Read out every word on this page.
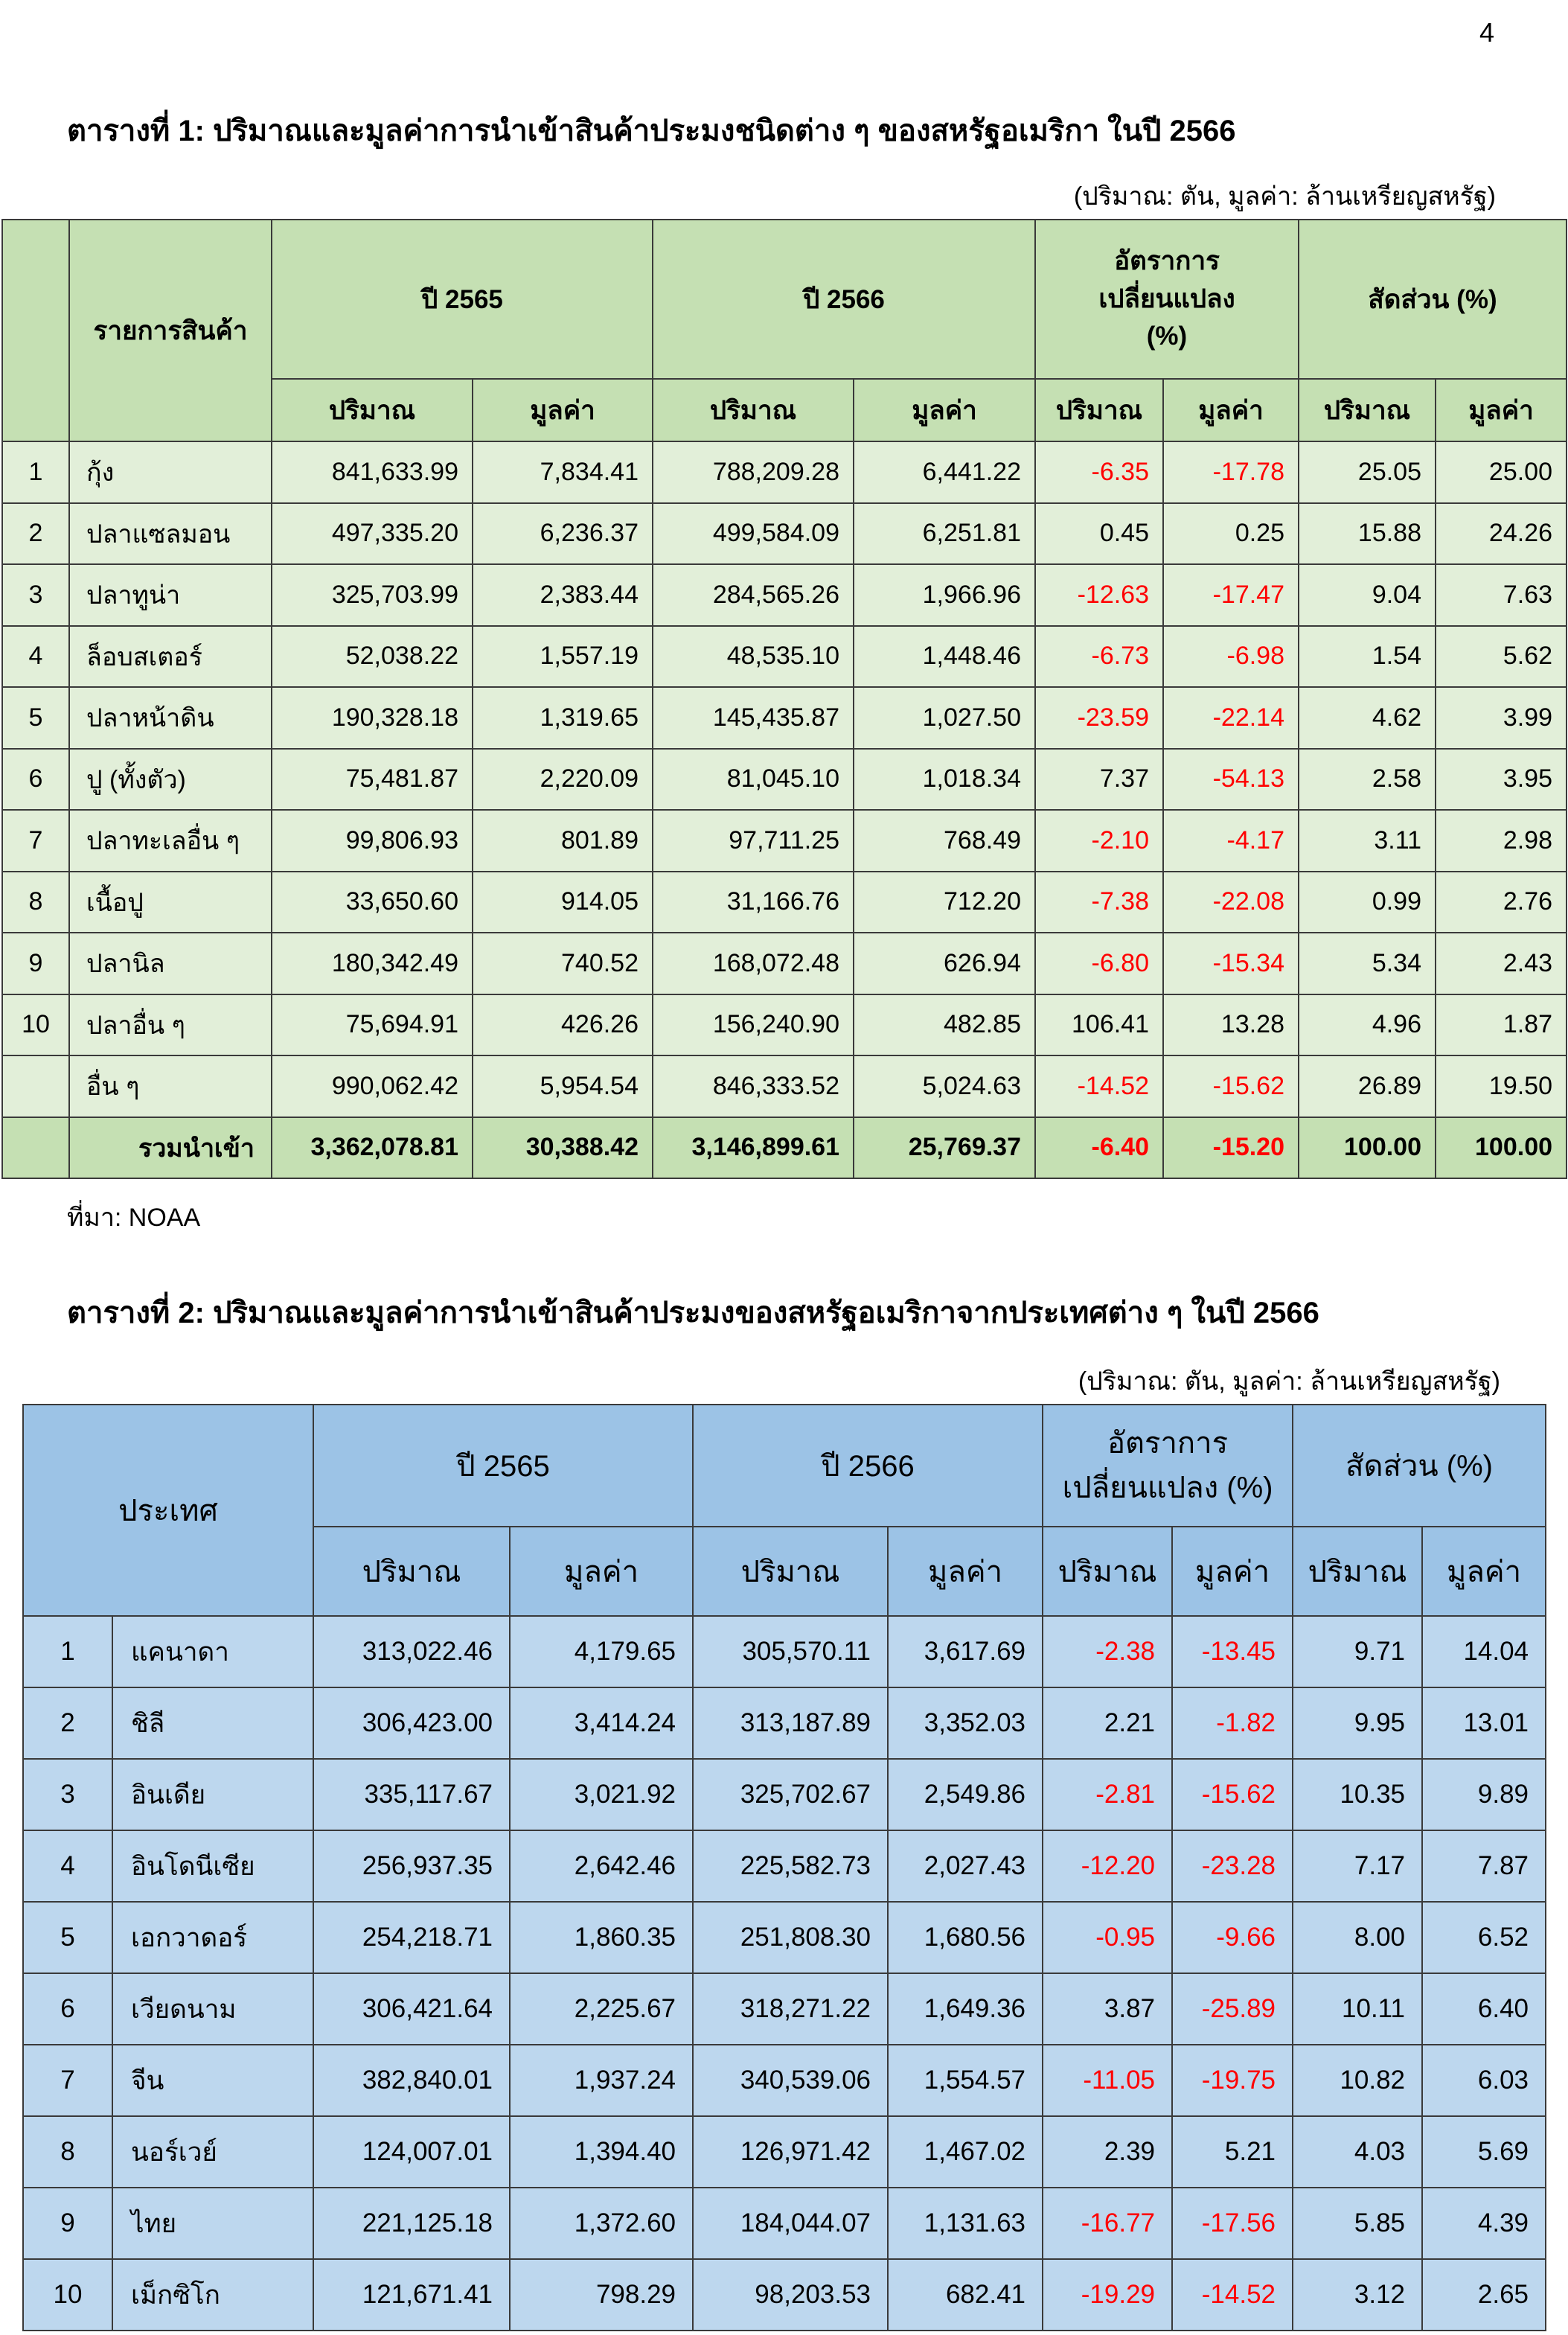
4
ตารางที่ 1: ปริมาณและมูลค่าการนำเข้าสินค้าประมงชนิดต่าง ๆ ของสหรัฐอเมริกา ในปี 2566
(ปริมาณ: ตัน, มูลค่า: ล้านเหรียญสหรัฐ)
	รายการสินค้า	ปี 2565		ปี 2566		อัตราการ
เปลี่ยนแปลง
(%)		สัดส่วน (%)	
		ปริมาณ	มูลค่า	ปริมาณ	มูลค่า	ปริมาณ	มูลค่า	ปริมาณ	มูลค่า
1	กุ้ง	841,633.99	7,834.41	788,209.28	6,441.22	-6.35	-17.78	25.05	25.00
2	ปลาแซลมอน	497,335.20	6,236.37	499,584.09	6,251.81	0.45	0.25	15.88	24.26
3	ปลาทูน่า	325,703.99	2,383.44	284,565.26	1,966.96	-12.63	-17.47	9.04	7.63
4	ล็อบสเตอร์	52,038.22	1,557.19	48,535.10	1,448.46	-6.73	-6.98	1.54	5.62
5	ปลาหน้าดิน	190,328.18	1,319.65	145,435.87	1,027.50	-23.59	-22.14	4.62	3.99
6	ปู (ทั้งตัว)	75,481.87	2,220.09	81,045.10	1,018.34	7.37	-54.13	2.58	3.95
7	ปลาทะเลอื่น ๆ	99,806.93	801.89	97,711.25	768.49	-2.10	-4.17	3.11	2.98
8	เนื้อปู	33,650.60	914.05	31,166.76	712.20	-7.38	-22.08	0.99	2.76
9	ปลานิล	180,342.49	740.52	168,072.48	626.94	-6.80	-15.34	5.34	2.43
10	ปลาอื่น ๆ	75,694.91	426.26	156,240.90	482.85	106.41	13.28	4.96	1.87
	อื่น ๆ	990,062.42	5,954.54	846,333.52	5,024.63	-14.52	-15.62	26.89	19.50
	รวมนำเข้า	3,362,078.81	30,388.42	3,146,899.61	25,769.37	-6.40	-15.20	100.00	100.00
ที่มา: NOAA
ตารางที่ 2: ปริมาณและมูลค่าการนำเข้าสินค้าประมงของสหรัฐอเมริกาจากประเทศต่าง ๆ ในปี 2566
(ปริมาณ: ตัน, มูลค่า: ล้านเหรียญสหรัฐ)
ประเทศ		ปี 2565		ปี 2566		อัตราการ
เปลี่ยนแปลง (%)		สัดส่วน (%)	
		ปริมาณ	มูลค่า	ปริมาณ	มูลค่า	ปริมาณ	มูลค่า	ปริมาณ	มูลค่า
1	แคนาดา	313,022.46	4,179.65	305,570.11	3,617.69	-2.38	-13.45	9.71	14.04
2	ชิลี	306,423.00	3,414.24	313,187.89	3,352.03	2.21	-1.82	9.95	13.01
3	อินเดีย	335,117.67	3,021.92	325,702.67	2,549.86	-2.81	-15.62	10.35	9.89
4	อินโดนีเซีย	256,937.35	2,642.46	225,582.73	2,027.43	-12.20	-23.28	7.17	7.87
5	เอกวาดอร์	254,218.71	1,860.35	251,808.30	1,680.56	-0.95	-9.66	8.00	6.52
6	เวียดนาม	306,421.64	2,225.67	318,271.22	1,649.36	3.87	-25.89	10.11	6.40
7	จีน	382,840.01	1,937.24	340,539.06	1,554.57	-11.05	-19.75	10.82	6.03
8	นอร์เวย์	124,007.01	1,394.40	126,971.42	1,467.02	2.39	5.21	4.03	5.69
9	ไทย	221,125.18	1,372.60	184,044.07	1,131.63	-16.77	-17.56	5.85	4.39
10	เม็กซิโก	121,671.41	798.29	98,203.53	682.41	-19.29	-14.52	3.12	2.65
